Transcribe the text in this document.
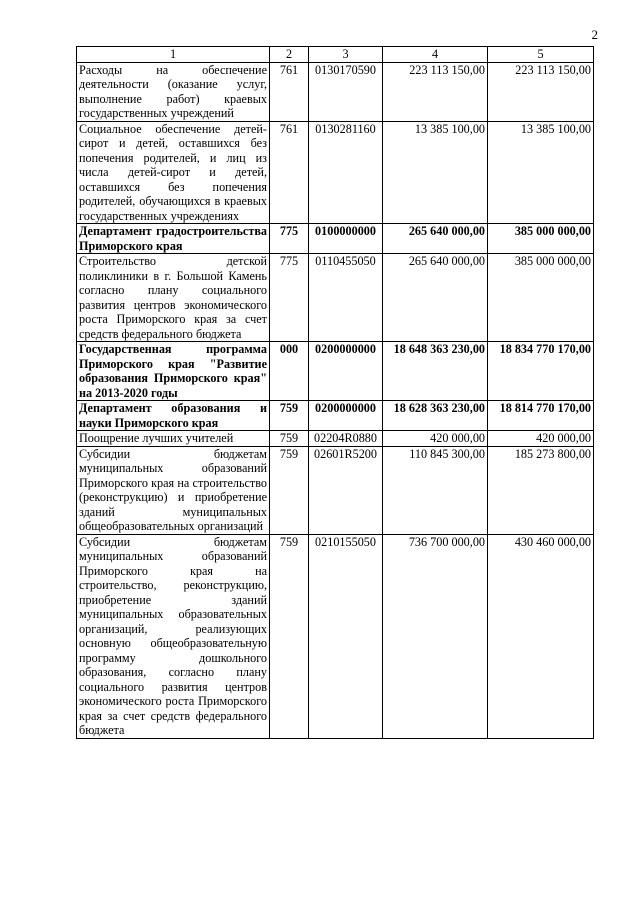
2
1	2	3	4	5
Расходы на обеспечение деятельности (оказание услуг, выполнение работ) краевых государственных учреждений	761	0130170590	223 113 150,00	223 113 150,00
Социальное обеспечение детей-сирот и детей, оставшихся без попечения родителей, и лиц из числа детей-сирот и детей, оставшихся без попечения родителей, обучающихся в краевых государственных учреждениях	761	0130281160	13 385 100,00	13 385 100,00
Департамент градостроительства Приморского края	775	0100000000	265 640 000,00	385 000 000,00
Строительство детской поликлиники в г. Большой Камень согласно плану социального развития центров экономического роста Приморского края за счет средств федерального бюджета	775	0110455050	265 640 000,00	385 000 000,00
Государственная программа Приморского края "Развитие образования Приморского края" на 2013-2020 годы	000	0200000000	18 648 363 230,00	18 834 770 170,00
Департамент образования и науки Приморского края	759	0200000000	18 628 363 230,00	18 814 770 170,00
Поощрение лучших учителей	759	02204R0880	420 000,00	420 000,00
Субсидии бюджетам муниципальных образований Приморского края на строительство (реконструкцию) и приобретение зданий муниципальных общеобразовательных организаций	759	02601R5200	110 845 300,00	185 273 800,00
Субсидии бюджетам муниципальных образований Приморского края на строительство, реконструкцию, приобретение зданий муниципальных образовательных организаций, реализующих основную общеобразовательную программу дошкольного образования, согласно плану социального развития центров экономического роста Приморского края за счет средств федерального бюджета	759	0210155050	736 700 000,00	430 460 000,00
